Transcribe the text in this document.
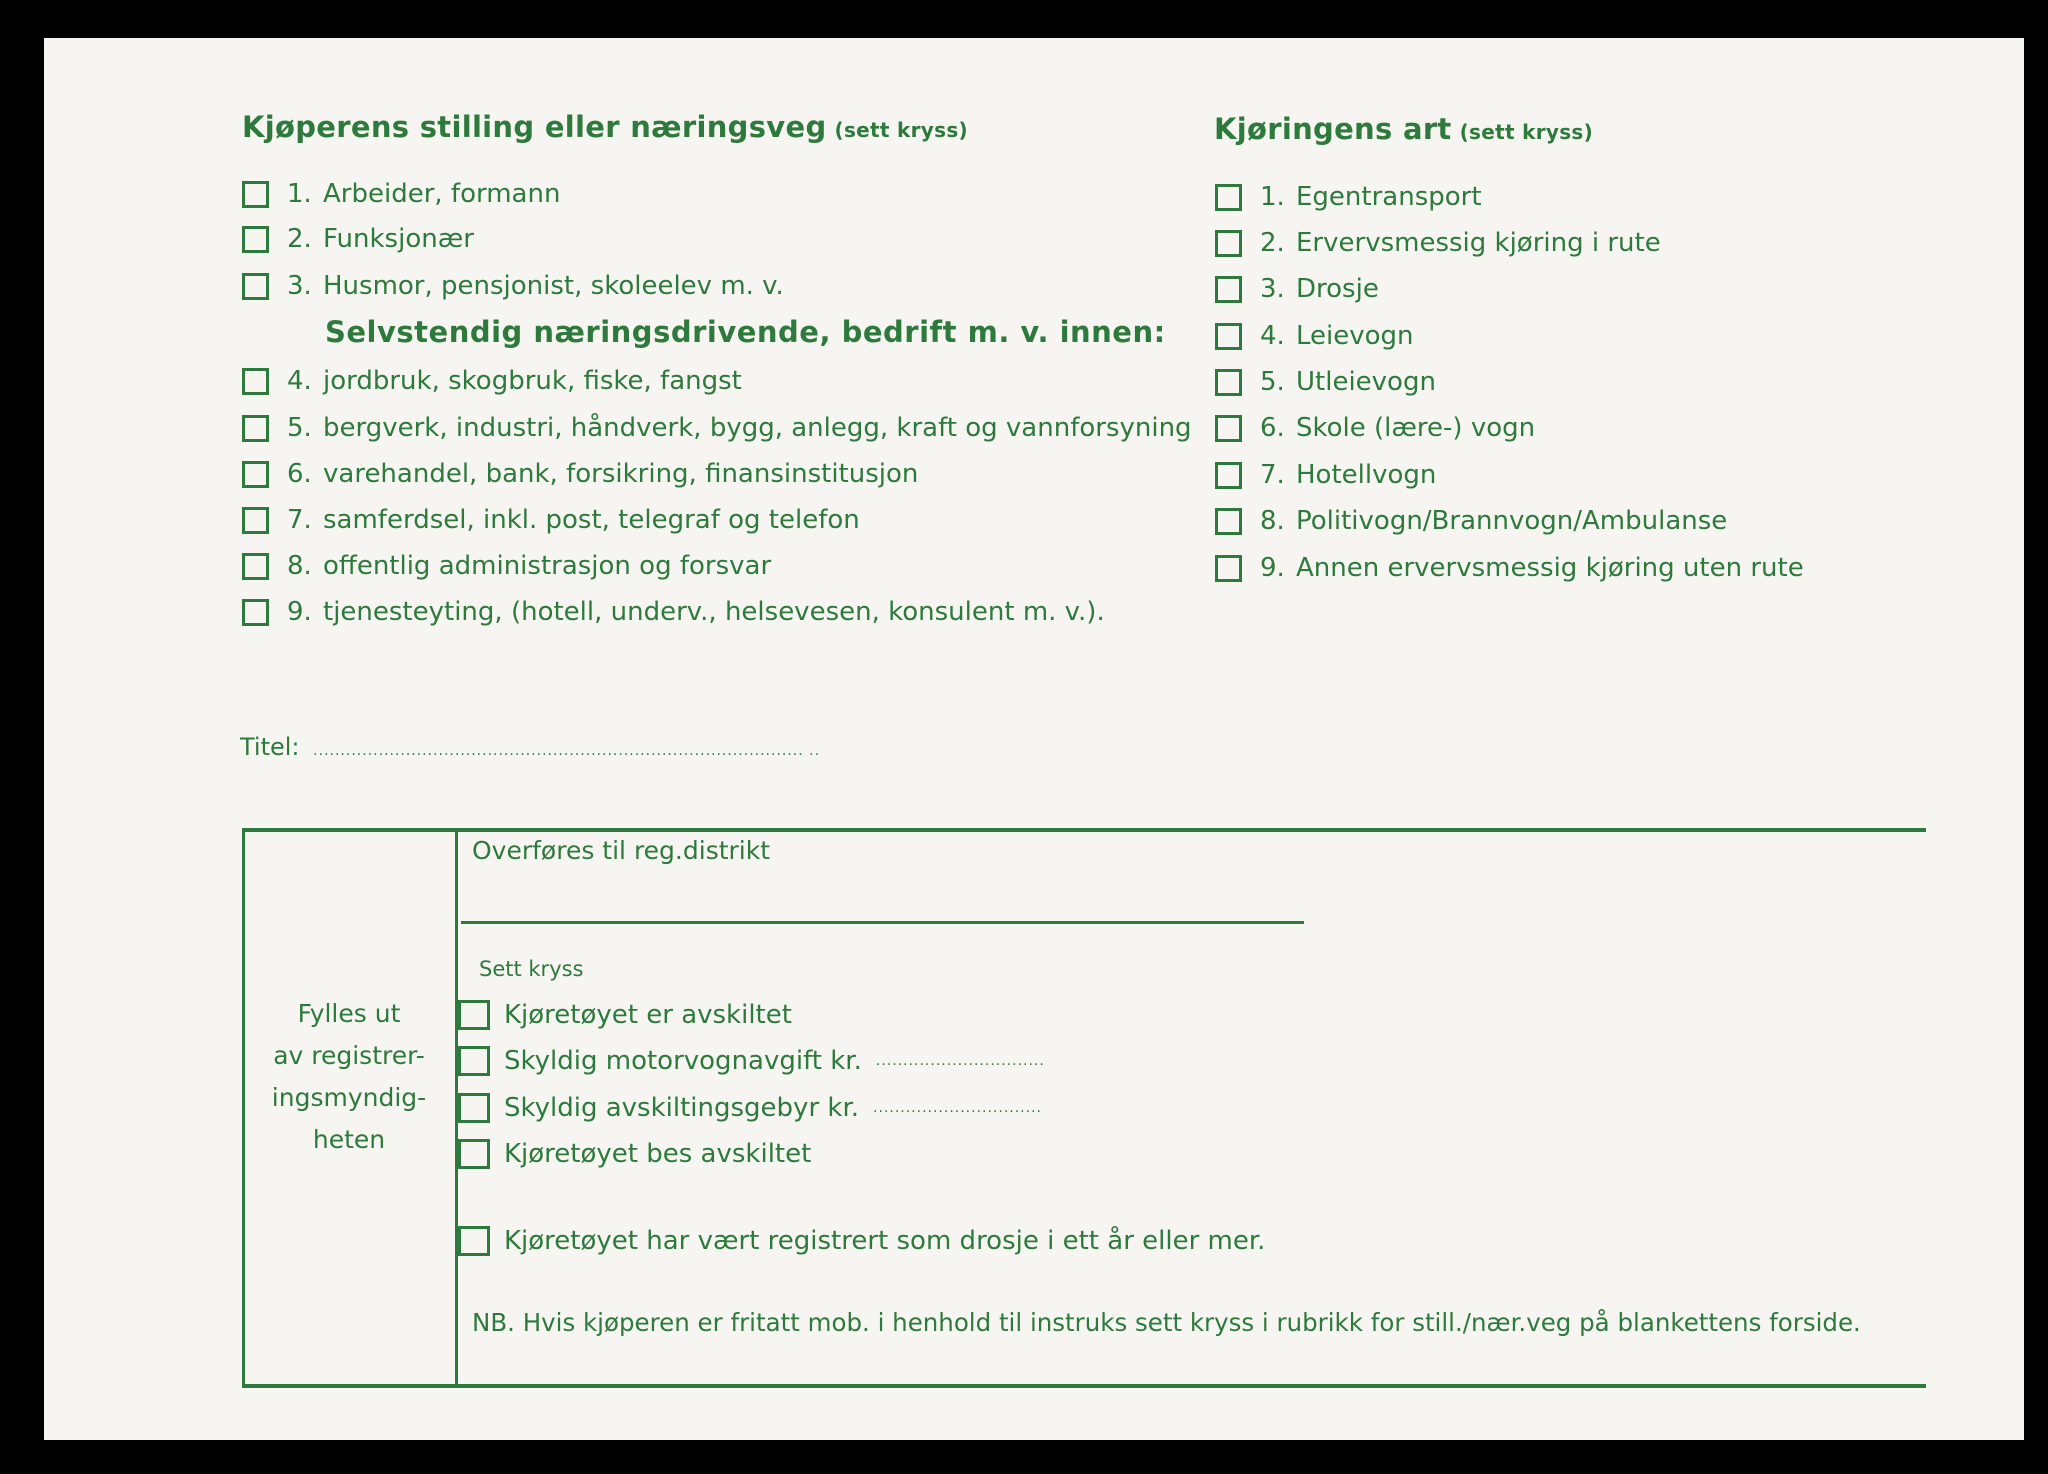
Kjøperens stilling eller næringsveg (sett kryss)
1. Arbeider, formann
2. Funksjonær
3. Husmor, pensjonist, skoleelev m. v.
Selvstendig næringsdrivende, bedrift m. v. innen:
4. jordbruk, skogbruk, fiske, fangst
5. bergverk, industri, håndverk, bygg, anlegg, kraft og vannforsyning
6. varehandel, bank, forsikring, finansinstitusjon
7. samferdsel, inkl. post, telegraf og telefon
8. offentlig administrasjon og forsvar
9. tjenesteyting, (hotell, underv., helsevesen, konsulent m. v.).
Kjøringens art (sett kryss)
1. Egentransport
2. Ervervsmessig kjøring i rute
3. Drosje
4. Leievogn
5. Utleievogn
6. Skole (lære-) vogn
7. Hotellvogn
8. Politivogn/Brannvogn/Ambulanse
9. Annen ervervsmessig kjøring uten rute
Titel: .......................................................................................... ..
Fylles ut
av registrer-
ingsmyndig-
heten
Overføres til reg.distrikt
Sett kryss
Kjøretøyet er avskiltet
Skyldig motorvognavgift kr. ...............................
Skyldig avskiltingsgebyr kr. ...............................
Kjøretøyet bes avskiltet
Kjøretøyet har vært registrert som drosje i ett år eller mer.
NB. Hvis kjøperen er fritatt mob. i henhold til instruks sett kryss i rubrikk for still./nær.veg på blankettens forside.
